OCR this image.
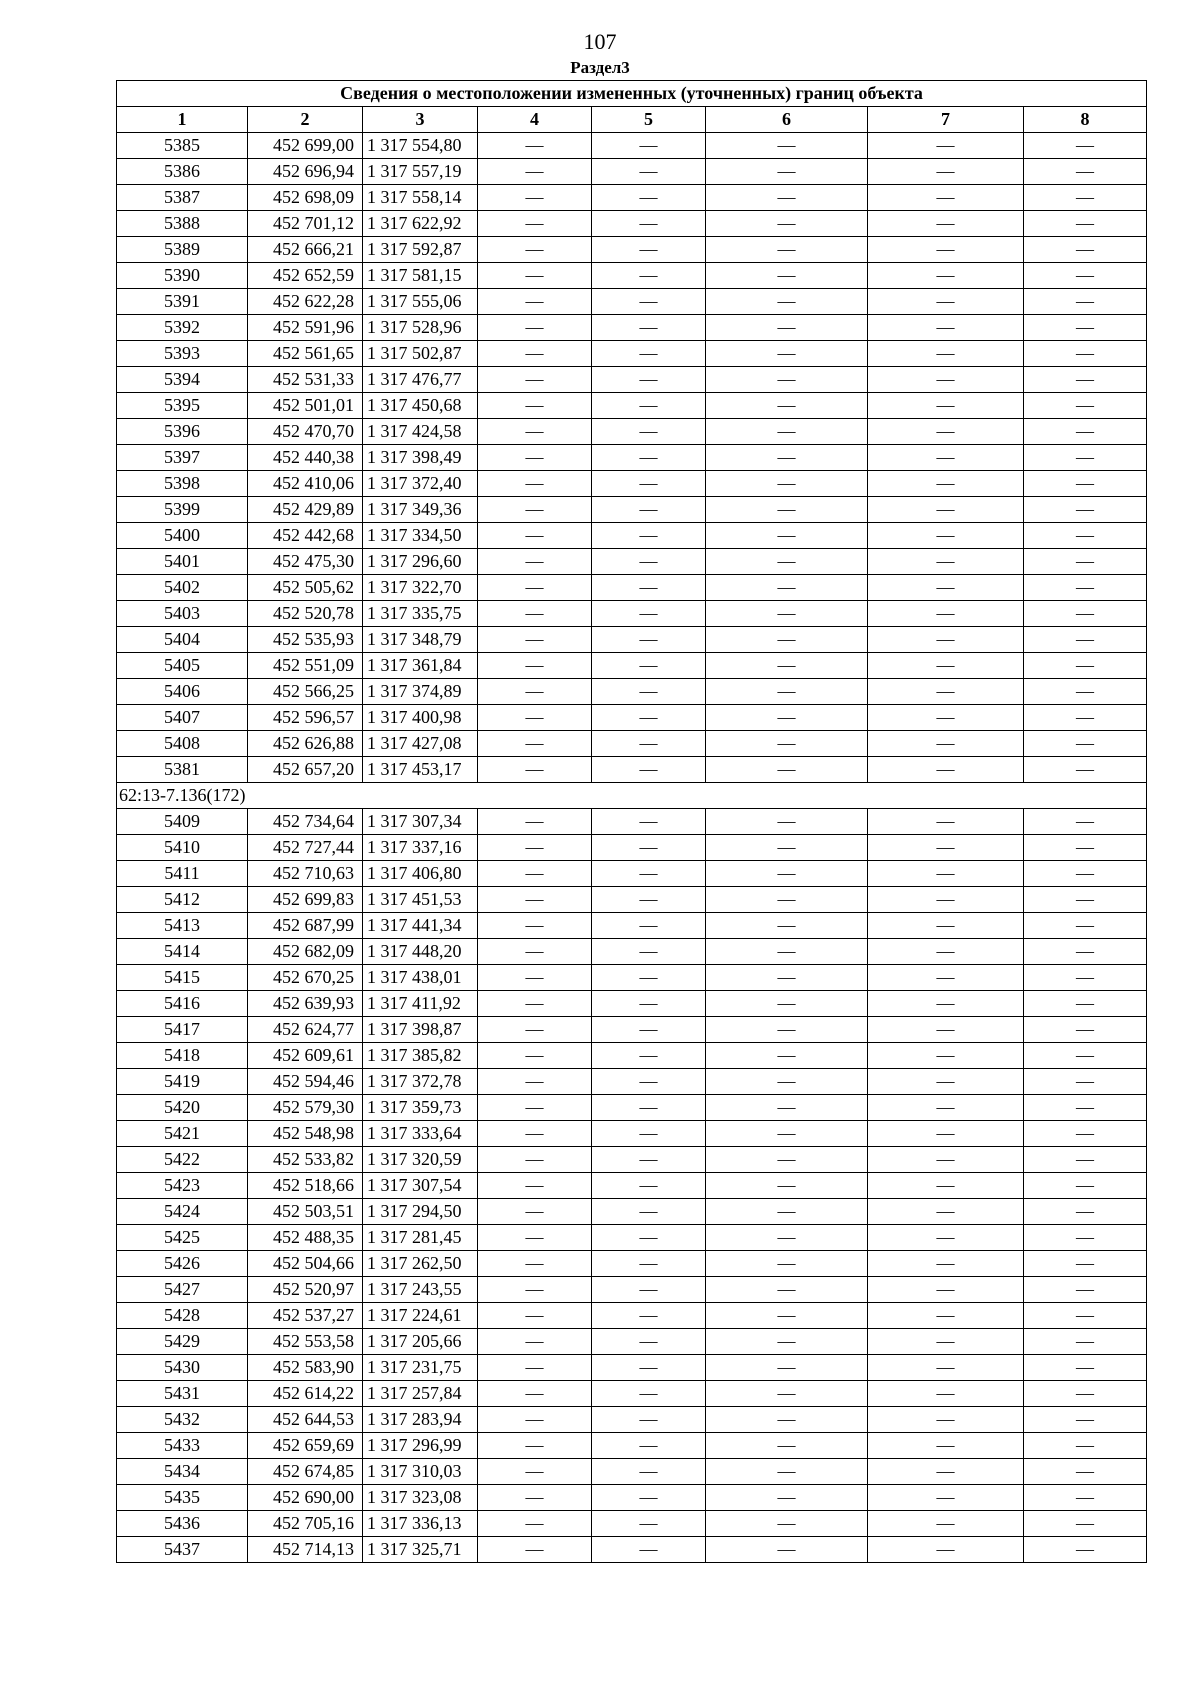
107
Раздел3
Сведения о местоположении измененных (уточненных) границ объекта							
1	2	3	4	5	6	7	8
5385	452 699,00	1 317 554,80	—	—	—	—	—
5386	452 696,94	1 317 557,19	—	—	—	—	—
5387	452 698,09	1 317 558,14	—	—	—	—	—
5388	452 701,12	1 317 622,92	—	—	—	—	—
5389	452 666,21	1 317 592,87	—	—	—	—	—
5390	452 652,59	1 317 581,15	—	—	—	—	—
5391	452 622,28	1 317 555,06	—	—	—	—	—
5392	452 591,96	1 317 528,96	—	—	—	—	—
5393	452 561,65	1 317 502,87	—	—	—	—	—
5394	452 531,33	1 317 476,77	—	—	—	—	—
5395	452 501,01	1 317 450,68	—	—	—	—	—
5396	452 470,70	1 317 424,58	—	—	—	—	—
5397	452 440,38	1 317 398,49	—	—	—	—	—
5398	452 410,06	1 317 372,40	—	—	—	—	—
5399	452 429,89	1 317 349,36	—	—	—	—	—
5400	452 442,68	1 317 334,50	—	—	—	—	—
5401	452 475,30	1 317 296,60	—	—	—	—	—
5402	452 505,62	1 317 322,70	—	—	—	—	—
5403	452 520,78	1 317 335,75	—	—	—	—	—
5404	452 535,93	1 317 348,79	—	—	—	—	—
5405	452 551,09	1 317 361,84	—	—	—	—	—
5406	452 566,25	1 317 374,89	—	—	—	—	—
5407	452 596,57	1 317 400,98	—	—	—	—	—
5408	452 626,88	1 317 427,08	—	—	—	—	—
5381	452 657,20	1 317 453,17	—	—	—	—	—
62:13-7.136(172)							
5409	452 734,64	1 317 307,34	—	—	—	—	—
5410	452 727,44	1 317 337,16	—	—	—	—	—
5411	452 710,63	1 317 406,80	—	—	—	—	—
5412	452 699,83	1 317 451,53	—	—	—	—	—
5413	452 687,99	1 317 441,34	—	—	—	—	—
5414	452 682,09	1 317 448,20	—	—	—	—	—
5415	452 670,25	1 317 438,01	—	—	—	—	—
5416	452 639,93	1 317 411,92	—	—	—	—	—
5417	452 624,77	1 317 398,87	—	—	—	—	—
5418	452 609,61	1 317 385,82	—	—	—	—	—
5419	452 594,46	1 317 372,78	—	—	—	—	—
5420	452 579,30	1 317 359,73	—	—	—	—	—
5421	452 548,98	1 317 333,64	—	—	—	—	—
5422	452 533,82	1 317 320,59	—	—	—	—	—
5423	452 518,66	1 317 307,54	—	—	—	—	—
5424	452 503,51	1 317 294,50	—	—	—	—	—
5425	452 488,35	1 317 281,45	—	—	—	—	—
5426	452 504,66	1 317 262,50	—	—	—	—	—
5427	452 520,97	1 317 243,55	—	—	—	—	—
5428	452 537,27	1 317 224,61	—	—	—	—	—
5429	452 553,58	1 317 205,66	—	—	—	—	—
5430	452 583,90	1 317 231,75	—	—	—	—	—
5431	452 614,22	1 317 257,84	—	—	—	—	—
5432	452 644,53	1 317 283,94	—	—	—	—	—
5433	452 659,69	1 317 296,99	—	—	—	—	—
5434	452 674,85	1 317 310,03	—	—	—	—	—
5435	452 690,00	1 317 323,08	—	—	—	—	—
5436	452 705,16	1 317 336,13	—	—	—	—	—
5437	452 714,13	1 317 325,71	—	—	—	—	—
